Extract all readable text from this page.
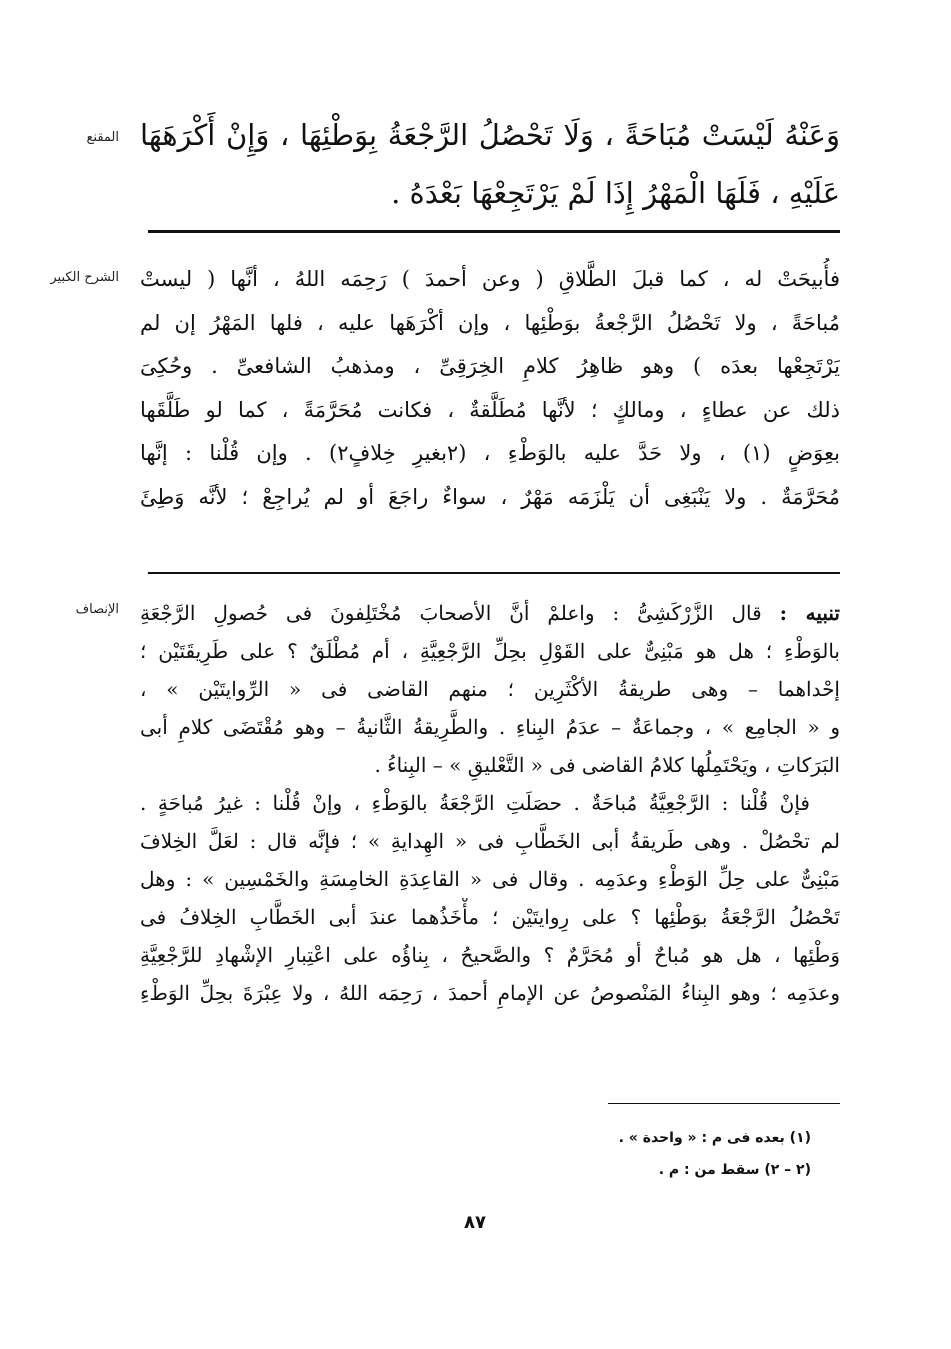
المقنع وَعَنْهُ لَيْسَتْ مُبَاحَةً ، وَلَا تَحْصُلُ الرَّجْعَةُ بِوَطْئِهَا ، وَإِنْ أَكْرَهَهَا
عَلَيْهِ ، فَلَهَا الْمَهْرُ إِذَا لَمْ يَرْتَجِعْهَا بَعْدَهُ .
الشرح الكبير فأُبيحَتْ له ، كما قبلَ الطَّلاقِ ( وعن أحمدَ ) رَحِمَه اللهُ ، أنَّها ( ليستْ
مُباحَةً ، ولا تَحْصُلُ الرَّجْعةُ بوَطْئِها ، وإن أكْرَهَها عليه ، فلها المَهْرُ إن لم
يَرْتَجِعْها بعدَه ) وهو ظاهِرُ كلامِ الخِرَقِىِّ ، ومذهبُ الشافعىِّ . وحُكِىَ
ذلك عن عطاءٍ ، ومالكٍ ؛ لأنَّها مُطَلَّقةٌ ، فكانت مُحَرَّمَةً ، كما لو طَلَّقَها
بعِوَضٍ (١) ، ولا حَدَّ عليه بالوَطْءِ ، (٢بغيرِ خِلافٍ٢) . وإن قُلْنا : إنَّها
مُحَرَّمَةٌ . ولا يَنْبَغِى أن يَلْزَمَه مَهْرٌ ، سواءٌ راجَعَ أو لم يُراجِعْ ؛ لأنَّه وَطِئَ
الإنصاف	تنبيه : قال الزَّرْكَشِىُّ : واعلمْ أنَّ الأصحابَ مُخْتَلِفونَ فى حُصولِ الرَّجْعَةِ
بالوَطْءِ ؛ هل هو مَبْنِىٌّ على القَوْلِ بحِلِّ الرَّجْعِيَّةِ ، أم مُطْلَقٌ ؟ على طَرِيقَتَيْن ؛
إحْداهما – وهى طريقةُ الأكْثَرِين ؛ منهم القاضى فى « الرِّوايتَيْن » ،
و « الجامِع » ، وجماعَةٌ – عدَمُ البِناءِ . والطَّرِيقةُ الثَّانيةُ – وهو مُقْتَضَى كلامِ أبى
البَرَكاتِ ، ويَحْتَمِلُها كلامُ القاضى فى « التَّعْليقِ » – البِناءُ .
فإنْ قُلْنا : الرَّجْعِيَّةُ مُباحَةٌ . حصَلَتِ الرَّجْعَةُ بالوَطْءِ ، وإنْ قُلْنا : غيرُ مُباحَةٍ .
لم تحْصُلْ . وهى طَريقةُ أبى الخَطَّابِ فى « الهِدايةِ » ؛ فإنَّه قال : لعَلَّ الخِلافَ
مَبْنِىٌّ على حِلِّ الوَطْءِ وعدَمِه . وقال فى « القاعِدَةِ الخامِسَةِ والخَمْسِين » : وهل
تَحْصُلُ الرَّجْعَةُ بوَطْئِها ؟ على رِوايتَيْن ؛ مأْخَذُهما عندَ أبى الخَطَّابِ الخِلافُ فى
وَطْئِها ، هل هو مُباحٌ أو مُحَرَّمٌ ؟ والصَّحيحُ ، بِناؤُه على اعْتِبارِ الإشْهادِ للرَّجْعِيَّةِ
وعدَمِه ؛ وهو البِناءُ المَنْصوصُ عن الإمامِ أحمدَ ، رَحِمَه اللهُ ، ولا عِبْرَةَ بحِلِّ الوَطْءِ
(١) بعده فى م : « واحدة » .
(٢ – ٢) سقط من : م .
٨٧
